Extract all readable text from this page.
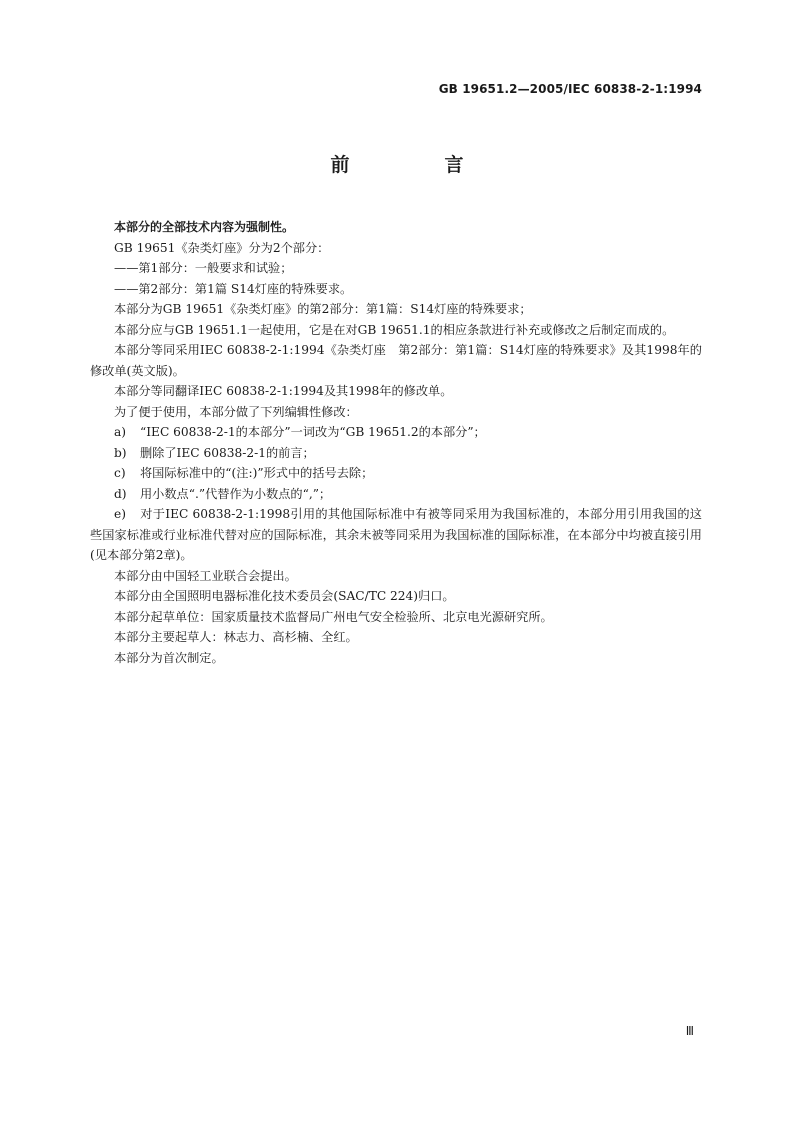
GB 19651.2—2005/IEC 60838-2-1:1994
前　言

本部分的全部技术内容为强制性。

GB 19651《杂类灯座》分为2个部分：

——第1部分：一般要求和试验；

——第2部分：第1篇 S14灯座的特殊要求。

本部分为GB 19651《杂类灯座》的第2部分：第1篇：S14灯座的特殊要求；

本部分应与GB 19651.1一起使用，它是在对GB 19651.1的相应条款进行补充或修改之后制定而成的。

本部分等同采用IEC 60838-2-1:1994《杂类灯座　第2部分：第1篇：S14灯座的特殊要求》及其1998年的修改单(英文版)。

本部分等同翻译IEC 60838-2-1:1994及其1998年的修改单。

为了便于使用，本部分做了下列编辑性修改：

a) “IEC 60838-2-1的本部分”一词改为“GB 19651.2的本部分”；

b) 删除了IEC 60838-2-1的前言；

c) 将国际标准中的“(注:)”形式中的括号去除；

d) 用小数点“.”代替作为小数点的“,”；

e) 对于IEC 60838-2-1:1998引用的其他国际标准中有被等同采用为我国标准的，本部分用引用我国的这些国家标准或行业标准代替对应的国际标准，其余未被等同采用为我国标准的国际标准，在本部分中均被直接引用(见本部分第2章)。

本部分由中国轻工业联合会提出。

本部分由全国照明电器标准化技术委员会(SAC/TC 224)归口。

本部分起草单位：国家质量技术监督局广州电气安全检验所、北京电光源研究所。

本部分主要起草人：林志力、高杉楠、全红。

本部分为首次制定。

Ⅲ
